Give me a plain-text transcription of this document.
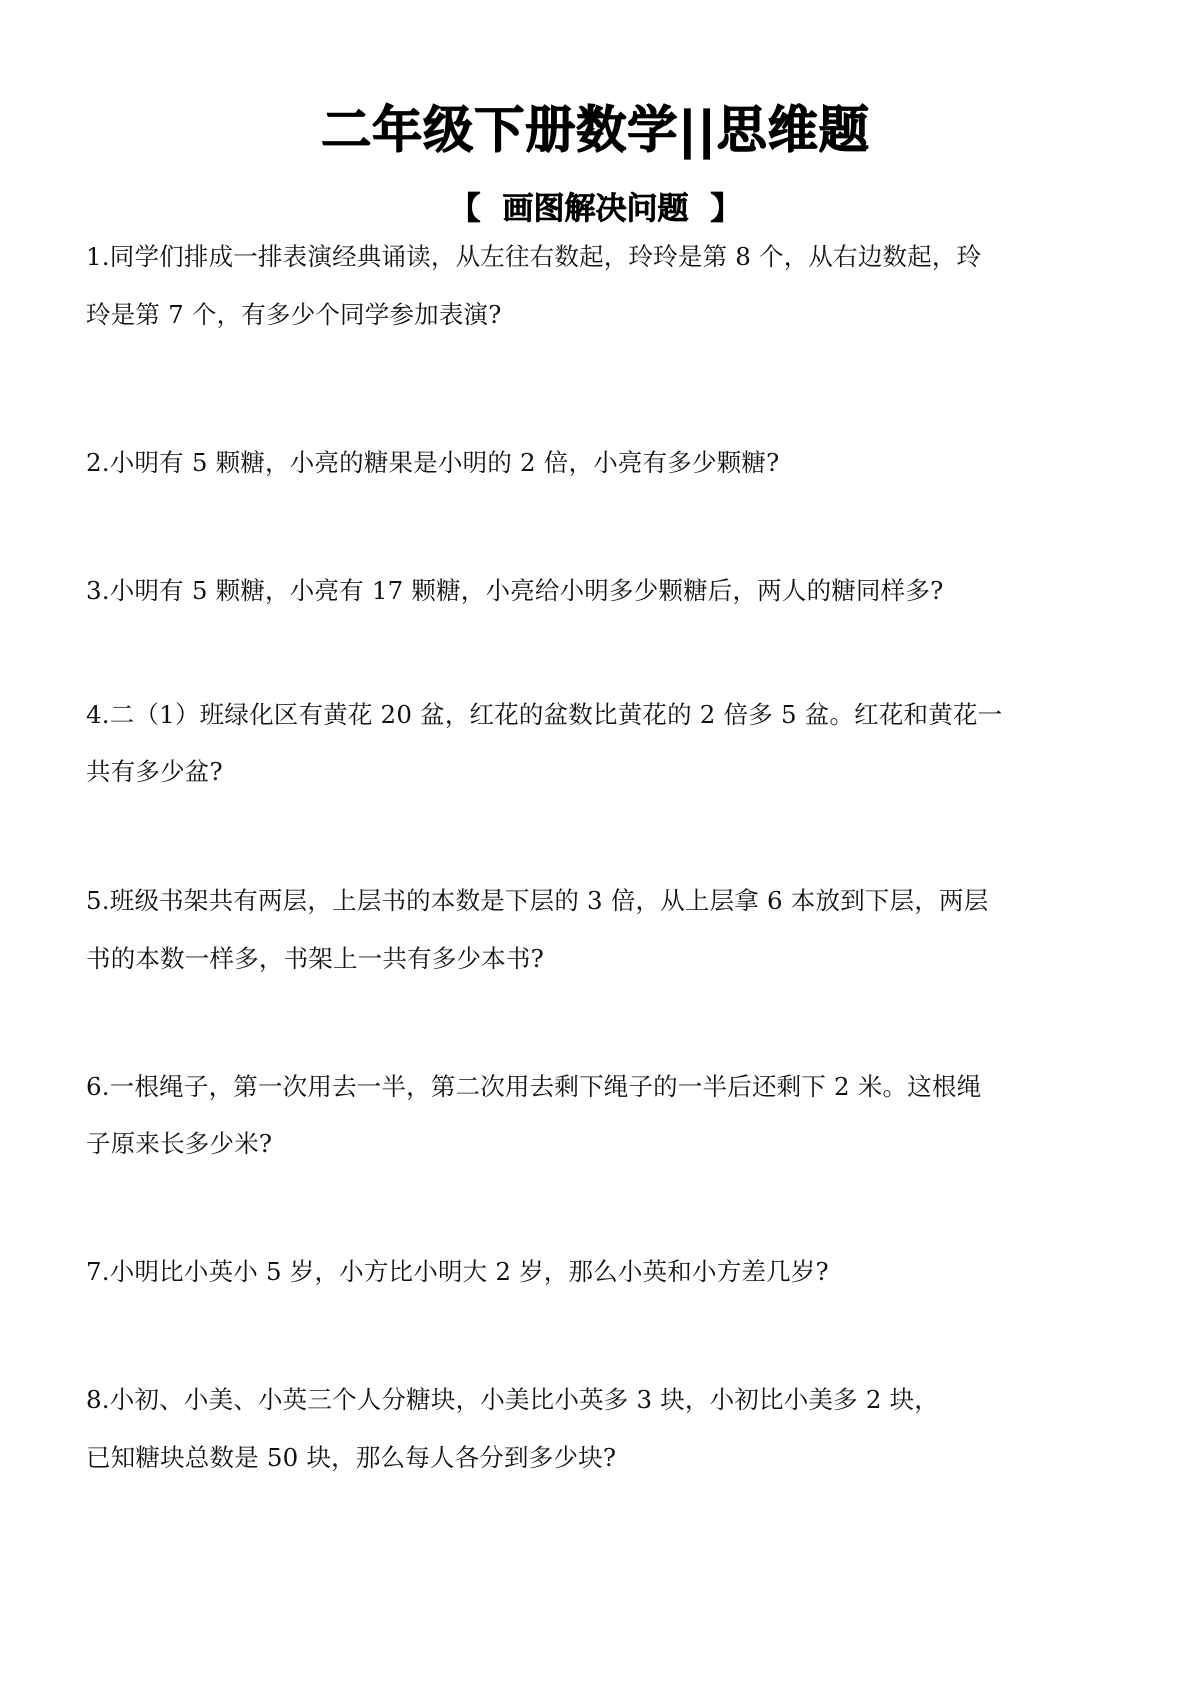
二年级下册数学||思维题
【 画图解决问题 】
1.同学们排成一排表演经典诵读，从左往右数起，玲玲是第 8 个，从右边数起，玲
玲是第 7 个，有多少个同学参加表演?
2.小明有 5 颗糖，小亮的糖果是小明的 2 倍，小亮有多少颗糖?
3.小明有 5 颗糖，小亮有 17 颗糖，小亮给小明多少颗糖后，两人的糖同样多?
4.二（1）班绿化区有黄花 20 盆，红花的盆数比黄花的 2 倍多 5 盆。红花和黄花一
共有多少盆?
5.班级书架共有两层，上层书的本数是下层的 3 倍，从上层拿 6 本放到下层，两层
书的本数一样多，书架上一共有多少本书?
6.一根绳子，第一次用去一半，第二次用去剩下绳子的一半后还剩下 2 米。这根绳
子原来长多少米?
7.小明比小英小 5 岁，小方比小明大 2 岁，那么小英和小方差几岁?
8.小初、小美、小英三个人分糖块，小美比小英多 3 块，小初比小美多 2 块，
已知糖块总数是 50 块，那么每人各分到多少块?
